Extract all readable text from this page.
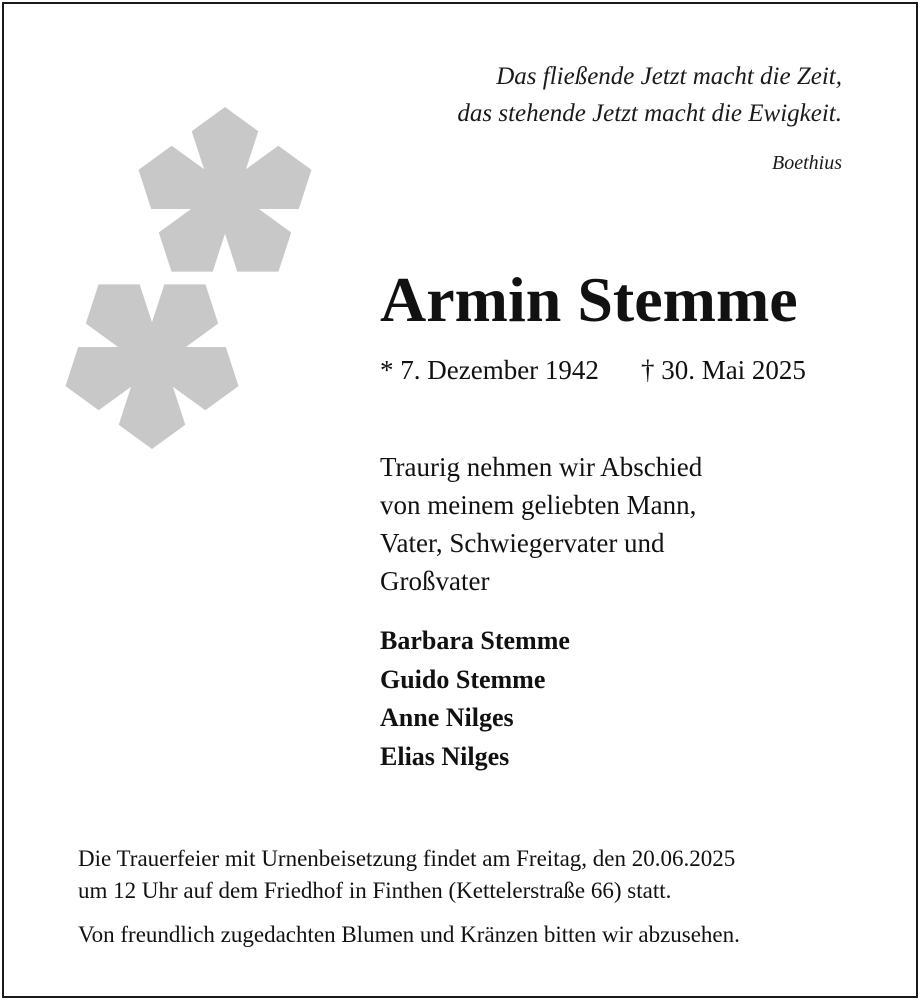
Das fließende Jetzt macht die Zeit,
das stehende Jetzt macht die Ewigkeit.
Boethius
Armin Stemme
* 7. Dezember 1942 † 30. Mai 2025
Traurig nehmen wir Abschied
von meinem geliebten Mann,
Vater, Schwiegervater und
Großvater
Barbara Stemme
Guido Stemme
Anne Nilges
Elias Nilges
Die Trauerfeier mit Urnenbeisetzung findet am Freitag, den 20.06.2025
um 12 Uhr auf dem Friedhof in Finthen (Kettelerstraße 66) statt.
Von freundlich zugedachten Blumen und Kränzen bitten wir abzusehen.
